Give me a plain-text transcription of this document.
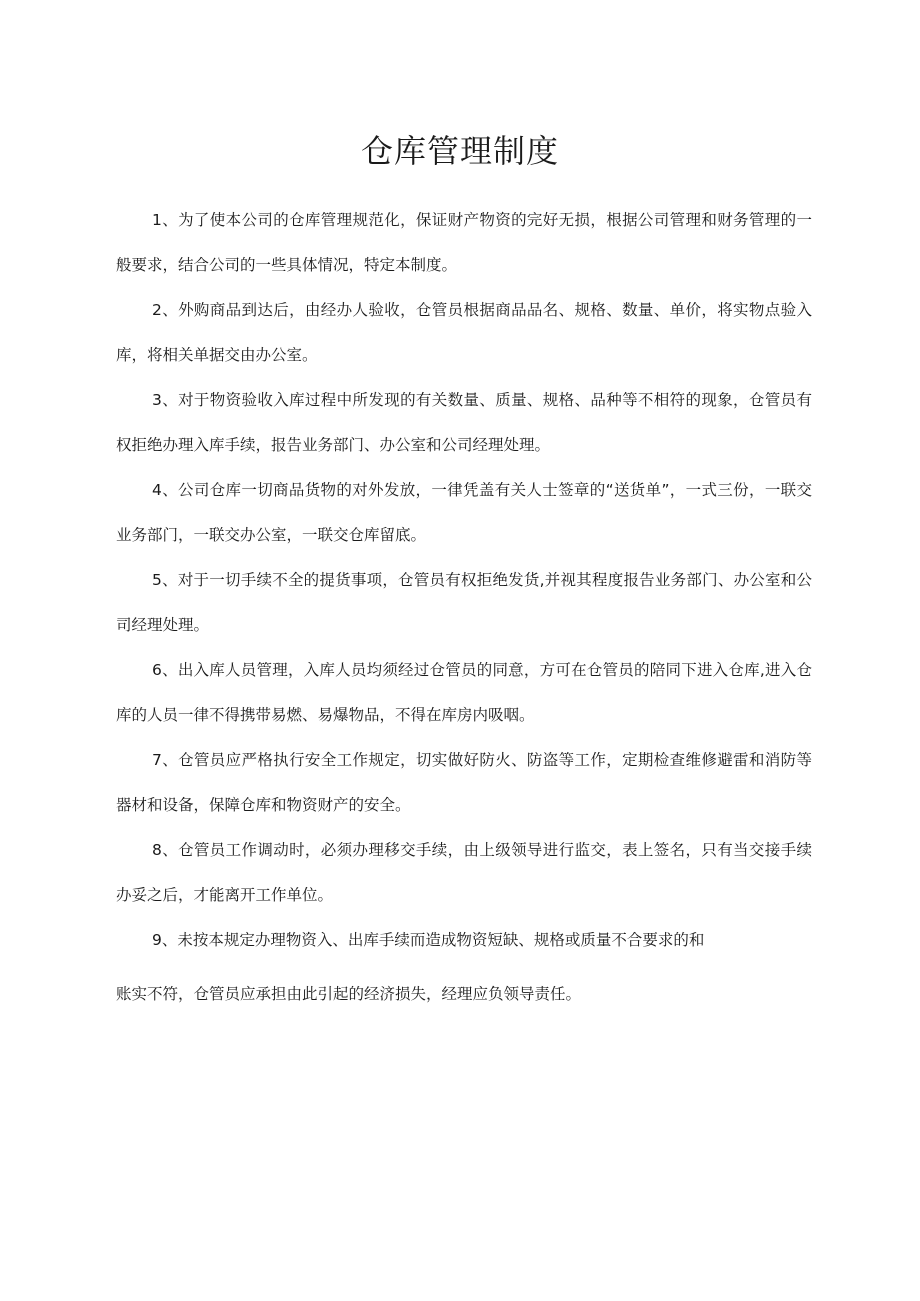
仓库管理制度

1、为了使本公司的仓库管理规范化，保证财产物资的完好无损，根据公司管理和财务管理的一般要求，结合公司的一些具体情况，特定本制度。

2、外购商品到达后，由经办人验收，仓管员根据商品品名、规格、数量、单价，将实物点验入库，将相关单据交由办公室。

3、对于物资验收入库过程中所发现的有关数量、质量、规格、品种等不相符的现象，仓管员有权拒绝办理入库手续，报告业务部门、办公室和公司经理处理。

4、公司仓库一切商品货物的对外发放，一律凭盖有关人士签章的“送货单”，一式三份，一联交业务部门，一联交办公室，一联交仓库留底。

5、对于一切手续不全的提货事项，仓管员有权拒绝发货,并视其程度报告业务部门、办公室和公司经理处理。

6、出入库人员管理，入库人员均须经过仓管员的同意，方可在仓管员的陪同下进入仓库,进入仓库的人员一律不得携带易燃、易爆物品，不得在库房内吸咽。

7、仓管员应严格执行安全工作规定，切实做好防火、防盗等工作，定期检查维修避雷和消防等器材和设备，保障仓库和物资财产的安全。

8、仓管员工作调动时，必须办理移交手续，由上级领导进行监交，表上签名，只有当交接手续办妥之后，才能离开工作单位。

9、未按本规定办理物资入、出库手续而造成物资短缺、规格或质量不合要求的和
账实不符，仓管员应承担由此引起的经济损失，经理应负领导责任。
